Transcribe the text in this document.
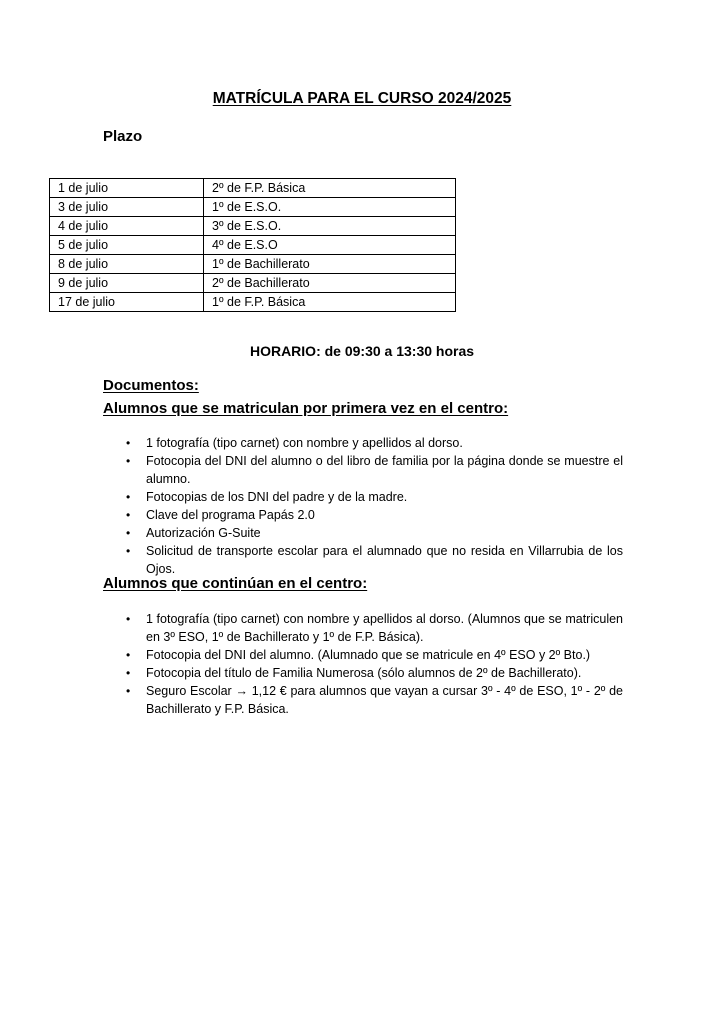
MATRÍCULA PARA EL CURSO 2024/2025
Plazo
1 de julio	2º de F.P. Básica
3 de julio	1º de E.S.O.
4 de julio	3º de E.S.O.
5 de julio	4º de E.S.O
8 de julio	1º de Bachillerato
9 de julio	2º de Bachillerato
17 de julio	1º de F.P. Básica
HORARIO: de 09:30 a 13:30 horas
Documentos:
Alumnos que se matriculan por primera vez en el centro:
• 1 fotografía (tipo carnet) con nombre y apellidos al dorso.
• Fotocopia del DNI del alumno o del libro de familia por la página donde se muestre el alumno.
• Fotocopias de los DNI del padre y de la madre.
• Clave del programa Papás 2.0
• Autorización G-Suite
• Solicitud de transporte escolar para el alumnado que no resida en Villarrubia de los Ojos.
Alumnos que continúan en el centro:
• 1 fotografía (tipo carnet) con nombre y apellidos al dorso. (Alumnos que se matriculen en 3º ESO, 1º de Bachillerato y 1º de F.P. Básica).
• Fotocopia del DNI del alumno. (Alumnado que se matricule en 4º ESO y 2º Bto.)
• Fotocopia del título de Familia Numerosa (sólo alumnos de 2º de Bachillerato).
• Seguro Escolar → 1,12 € para alumnos que vayan a cursar 3º - 4º de ESO, 1º - 2º de Bachillerato y F.P. Básica.
